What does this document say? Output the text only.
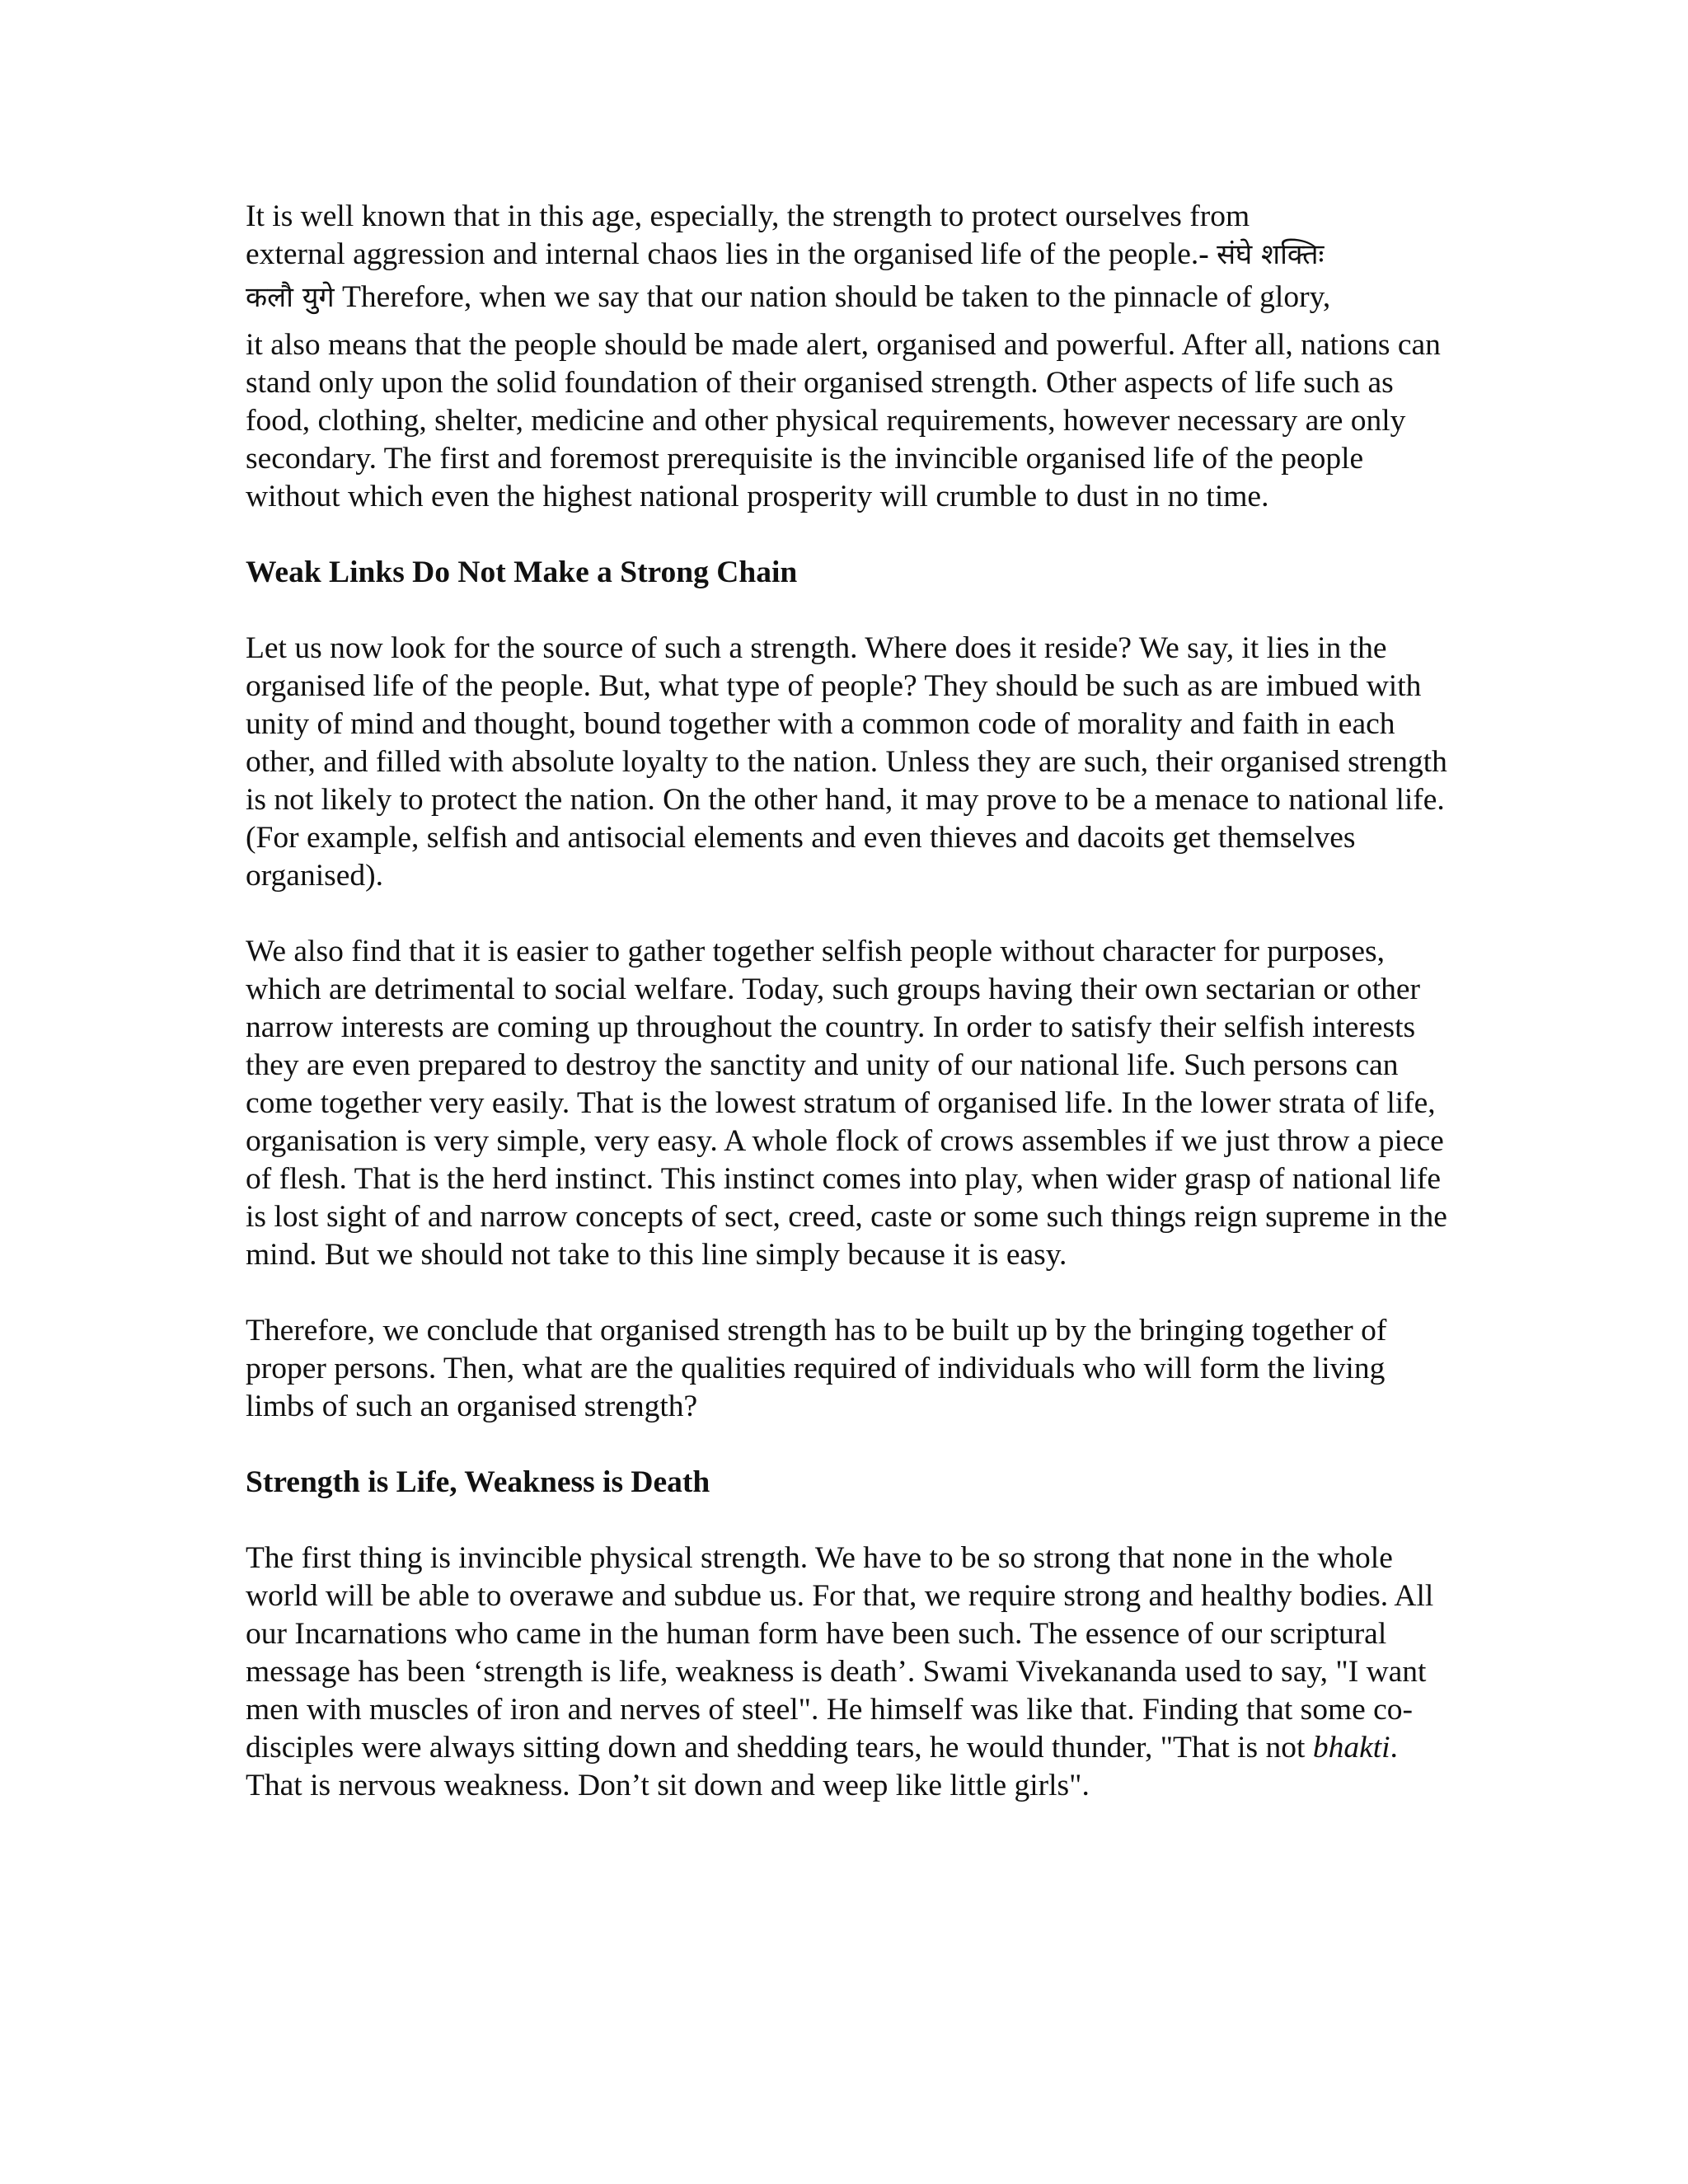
It is well known that in this age, especially, the strength to protect ourselves from
external aggression and internal chaos lies in the organised life of the people.- संघे शक्तिः
कलौ युगे Therefore, when we say that our nation should be taken to the pinnacle of glory,
it also means that the people should be made alert, organised and powerful. After all, nations can stand only upon the solid foundation of their organised strength. Other aspects of life such as food, clothing, shelter, medicine and other physical requirements, however necessary are only secondary. The first and foremost prerequisite is the invincible organised life of the people without which even the highest national prosperity will crumble to dust in no time.

Weak Links Do Not Make a Strong Chain

Let us now look for the source of such a strength. Where does it reside? We say, it lies in the organised life of the people. But, what type of people? They should be such as are imbued with unity of mind and thought, bound together with a common code of morality and faith in each other, and filled with absolute loyalty to the nation. Unless they are such, their organised strength is not likely to protect the nation. On the other hand, it may prove to be a menace to national life. (For example, selfish and antisocial elements and even thieves and dacoits get themselves organised).

We also find that it is easier to gather together selfish people without character for purposes, which are detrimental to social welfare. Today, such groups having their own sectarian or other narrow interests are coming up throughout the country. In order to satisfy their selfish interests they are even prepared to destroy the sanctity and unity of our national life. Such persons can come together very easily. That is the lowest stratum of organised life. In the lower strata of life, organisation is very simple, very easy. A whole flock of crows assembles if we just throw a piece of flesh. That is the herd instinct. This instinct comes into play, when wider grasp of national life is lost sight of and narrow concepts of sect, creed, caste or some such things reign supreme in the mind. But we should not take to this line simply because it is easy.

Therefore, we conclude that organised strength has to be built up by the bringing together of proper persons. Then, what are the qualities required of individuals who will form the living limbs of such an organised strength?

Strength is Life, Weakness is Death

The first thing is invincible physical strength. We have to be so strong that none in the whole world will be able to overawe and subdue us. For that, we require strong and healthy bodies. All our Incarnations who came in the human form have been such. The essence of our scriptural message has been ‘strength is life, weakness is death’. Swami Vivekananda used to say, "I want men with muscles of iron and nerves of steel". He himself was like that. Finding that some co-disciples were always sitting down and shedding tears, he would thunder, "That is not bhakti. That is nervous weakness. Don’t sit down and weep like little girls".
